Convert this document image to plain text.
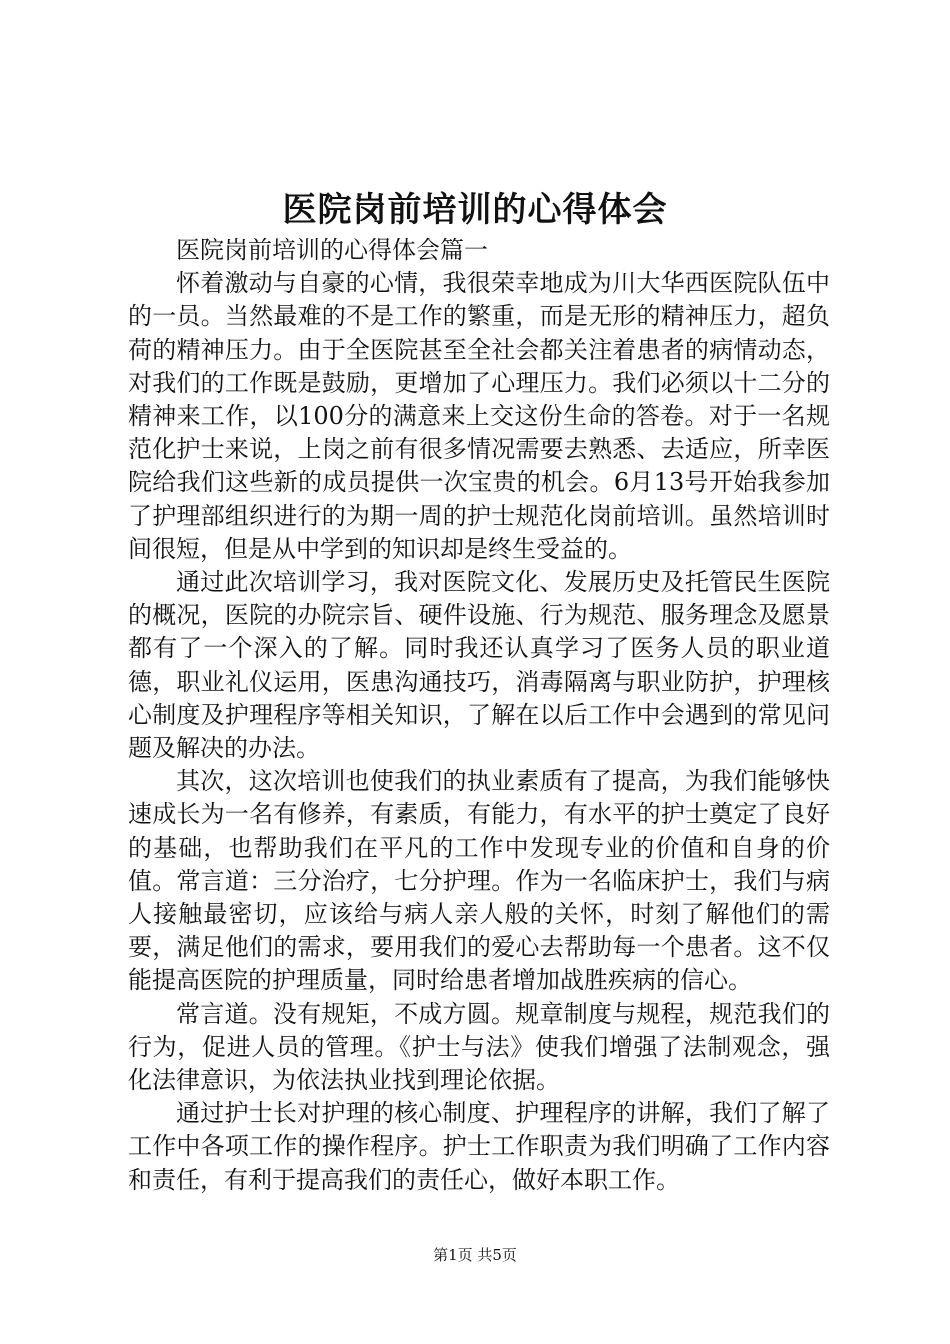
医院岗前培训的心得体会

医院岗前培训的心得体会篇一

怀着激动与自豪的心情，我很荣幸地成为川大华西医院队伍中的一员。当然最难的不是工作的繁重，而是无形的精神压力，超负荷的精神压力。由于全医院甚至全社会都关注着患者的病情动态，对我们的工作既是鼓励，更增加了心理压力。我们必须以十二分的精神来工作，以100分的满意来上交这份生命的答卷。对于一名规范化护士来说，上岗之前有很多情况需要去熟悉、去适应，所幸医院给我们这些新的成员提供一次宝贵的机会。6月13号开始我参加了护理部组织进行的为期一周的护士规范化岗前培训。虽然培训时间很短，但是从中学到的知识却是终生受益的。

通过此次培训学习，我对医院文化、发展历史及托管民生医院的概况，医院的办院宗旨、硬件设施、行为规范、服务理念及愿景都有了一个深入的了解。同时我还认真学习了医务人员的职业道德，职业礼仪运用，医患沟通技巧，消毒隔离与职业防护，护理核心制度及护理程序等相关知识，了解在以后工作中会遇到的常见问题及解决的办法。

其次，这次培训也使我们的执业素质有了提高，为我们能够快速成长为一名有修养，有素质，有能力，有水平的护士奠定了良好的基础，也帮助我们在平凡的工作中发现专业的价值和自身的价值。常言道：三分治疗，七分护理。作为一名临床护士，我们与病人接触最密切，应该给与病人亲人般的关怀，时刻了解他们的需要，满足他们的需求，要用我们的爱心去帮助每一个患者。这不仅能提高医院的护理质量，同时给患者增加战胜疾病的信心。

常言道。没有规矩，不成方圆。规章制度与规程，规范我们的行为，促进人员的管理。《护士与法》使我们增强了法制观念，强化法律意识，为依法执业找到理论依据。

通过护士长对护理的核心制度、护理程序的讲解，我们了解了工作中各项工作的操作程序。护士工作职责为我们明确了工作内容和责任，有利于提高我们的责任心，做好本职工作。

第1页 共5页
